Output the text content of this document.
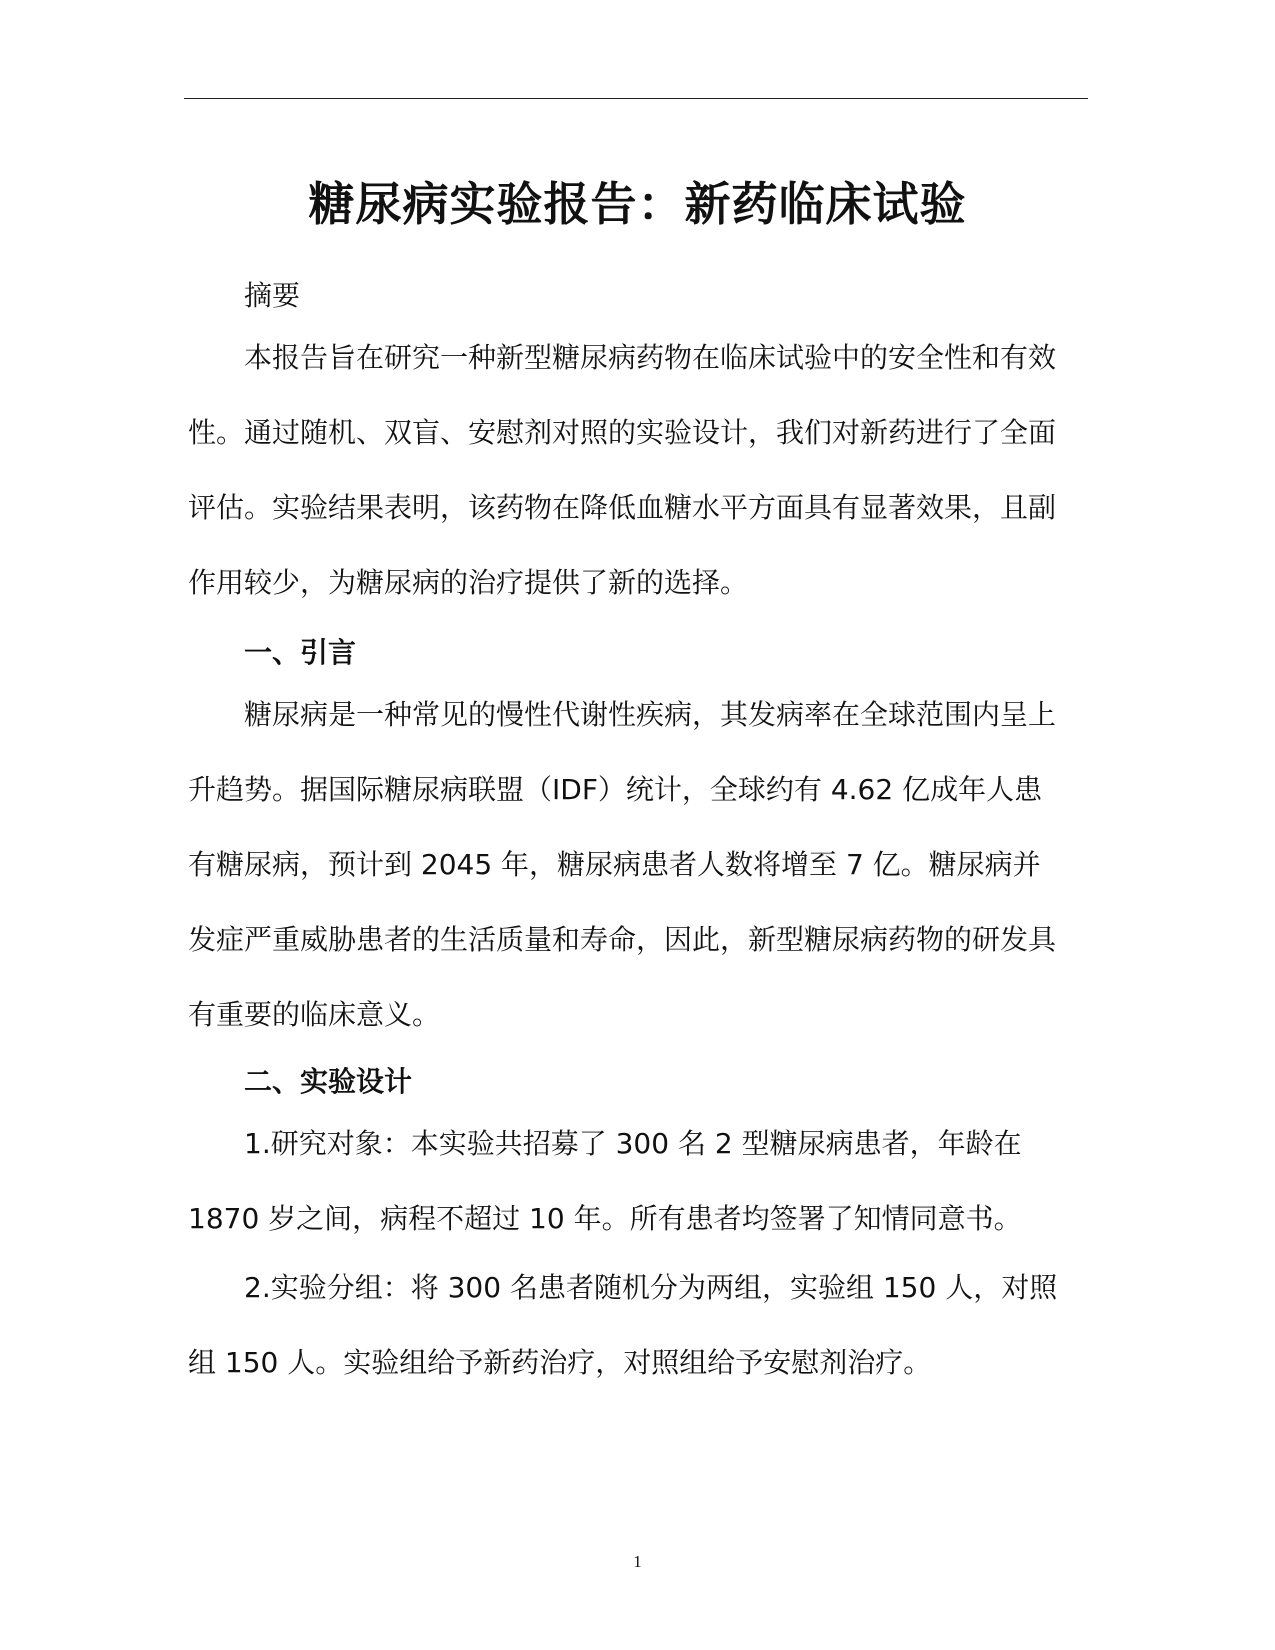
糖尿病实验报告：新药临床试验

摘要

本报告旨在研究一种新型糖尿病药物在临床试验中的安全性和有效性。通过随机、双盲、安慰剂对照的实验设计，我们对新药进行了全面评估。实验结果表明，该药物在降低血糖水平方面具有显著效果，且副作用较少，为糖尿病的治疗提供了新的选择。

一、引言

糖尿病是一种常见的慢性代谢性疾病，其发病率在全球范围内呈上升趋势。据国际糖尿病联盟（IDF）统计，全球约有 4.62 亿成年人患有糖尿病，预计到 2045 年，糖尿病患者人数将增至 7 亿。糖尿病并发症严重威胁患者的生活质量和寿命，因此，新型糖尿病药物的研发具有重要的临床意义。

二、实验设计

1.研究对象：本实验共招募了 300 名 2 型糖尿病患者，年龄在 1870 岁之间，病程不超过 10 年。所有患者均签署了知情同意书。

2.实验分组：将 300 名患者随机分为两组，实验组 150 人，对照组 150 人。实验组给予新药治疗，对照组给予安慰剂治疗。

1
